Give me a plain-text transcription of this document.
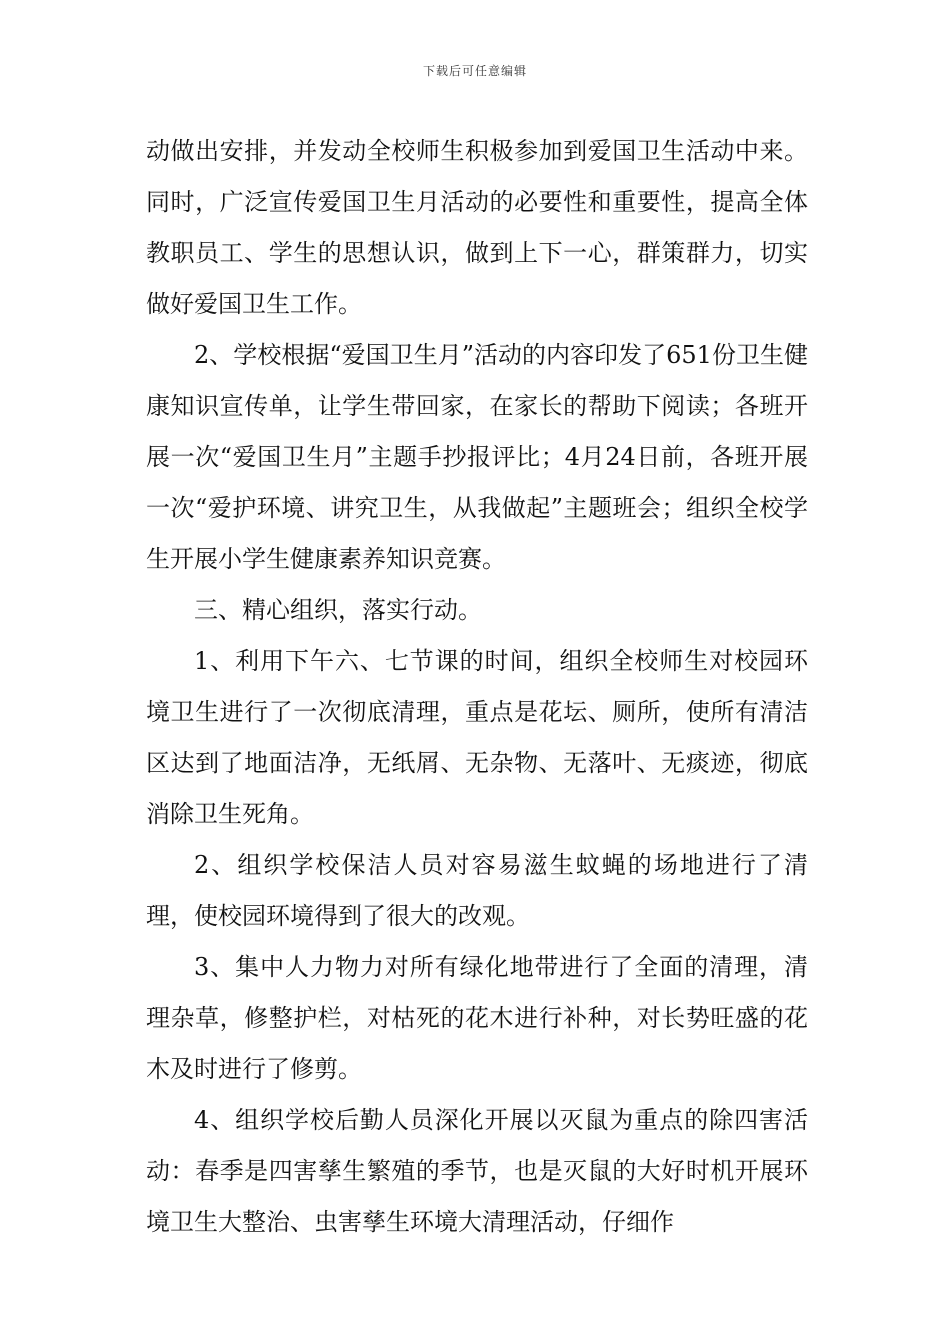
下载后可任意编辑

动做出安排，并发动全校师生积极参加到爱国卫生活动中来。同时，广泛宣传爱国卫生月活动的必要性和重要性，提高全体教职员工、学生的思想认识，做到上下一心，群策群力，切实做好爱国卫生工作。

2、学校根据“爱国卫生月”活动的内容印发了651份卫生健康知识宣传单，让学生带回家，在家长的帮助下阅读；各班开展一次“爱国卫生月”主题手抄报评比；4月24日前，各班开展一次“爱护环境、讲究卫生，从我做起”主题班会；组织全校学生开展小学生健康素养知识竞赛。

三、精心组织，落实行动。

1、利用下午六、七节课的时间，组织全校师生对校园环境卫生进行了一次彻底清理，重点是花坛、厕所，使所有清洁区达到了地面洁净，无纸屑、无杂物、无落叶、无痰迹，彻底消除卫生死角。

2、组织学校保洁人员对容易滋生蚊蝇的场地进行了清理，使校园环境得到了很大的改观。

3、集中人力物力对所有绿化地带进行了全面的清理，清理杂草，修整护栏，对枯死的花木进行补种，对长势旺盛的花木及时进行了修剪。

4、组织学校后勤人员深化开展以灭鼠为重点的除四害活动：春季是四害孳生繁殖的季节，也是灭鼠的大好时机开展环境卫生大整治、虫害孳生环境大清理活动，仔细作
